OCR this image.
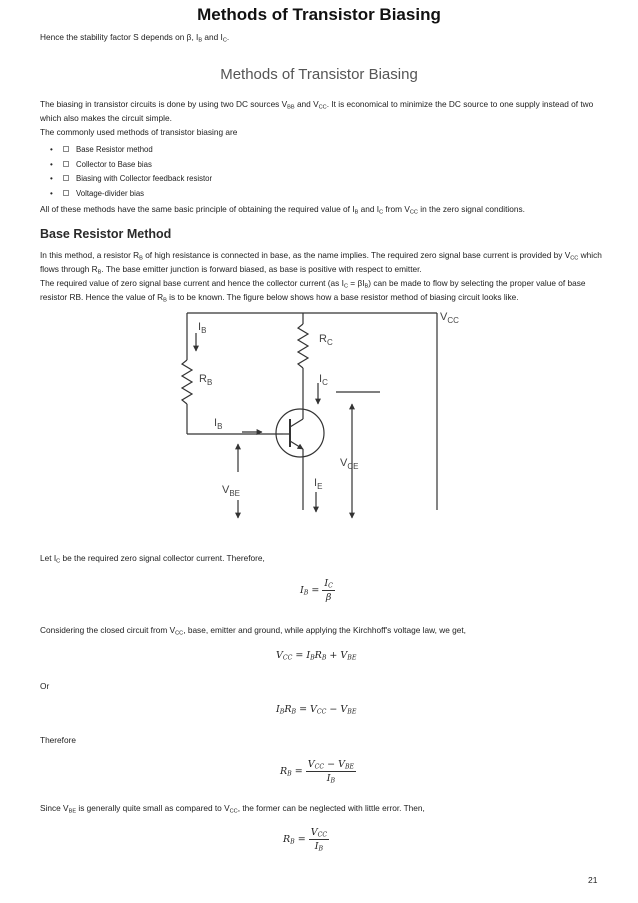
Methods of Transistor Biasing
Hence the stability factor S depends on β, $I_B$ and $I_C$.
Methods of Transistor Biasing
The biasing in transistor circuits is done by using two DC sources $V_{BB}$ and $V_{CC}$. It is economical to minimize the DC source to one supply instead of two which also makes the circuit simple.
The commonly used methods of transistor biasing are
•	Base Resistor method
•	Collector to Base bias
•	Biasing with Collector feedback resistor
•	Voltage-divider bias
All of these methods have the same basic principle of obtaining the required value of $I_B$ and $I_C$ from $V_{CC}$ in the zero signal conditions.
Base Resistor Method
In this method, a resistor $R_B$ of high resistance is connected in base, as the name implies. The required zero signal base current is provided by $V_{CC}$ which flows through $R_B$. The base emitter junction is forward biased, as base is positive with respect to emitter.
The required value of zero signal base current and hence the collector current (as $I_C = \beta I_B$) can be made to flow by selecting the proper value of base resistor RB. Hence the value of $R_B$ is to be known. The figure below shows how a base resistor method of biasing circuit looks like.
$V_{CC}$
$I_B$
$R_C$
$R_B$	$I_C$
$I_B$
$V_{CE}$
$I_E$
$V_{BE}$
Let $I_C$ be the required zero signal collector current. Therefore,
$I_B = \frac{I_C}{\beta}$
Considering the closed circuit from $V_{CC}$, base, emitter and ground, while applying the Kirchhoff's voltage law, we get,
$V_{CC} = I_BR_B + V_{BE}$
Or
$I_BR_B = V_{CC} - V_{BE}$
Therefore
$R_B = \frac{V_{CC} - V_{BE}}{I_B}$
Since $V_{BE}$ is generally quite small as compared to $V_{CC}$, the former can be neglected with little error. Then,
$R_B = \frac{V_{CC}}{I_B}$
21
